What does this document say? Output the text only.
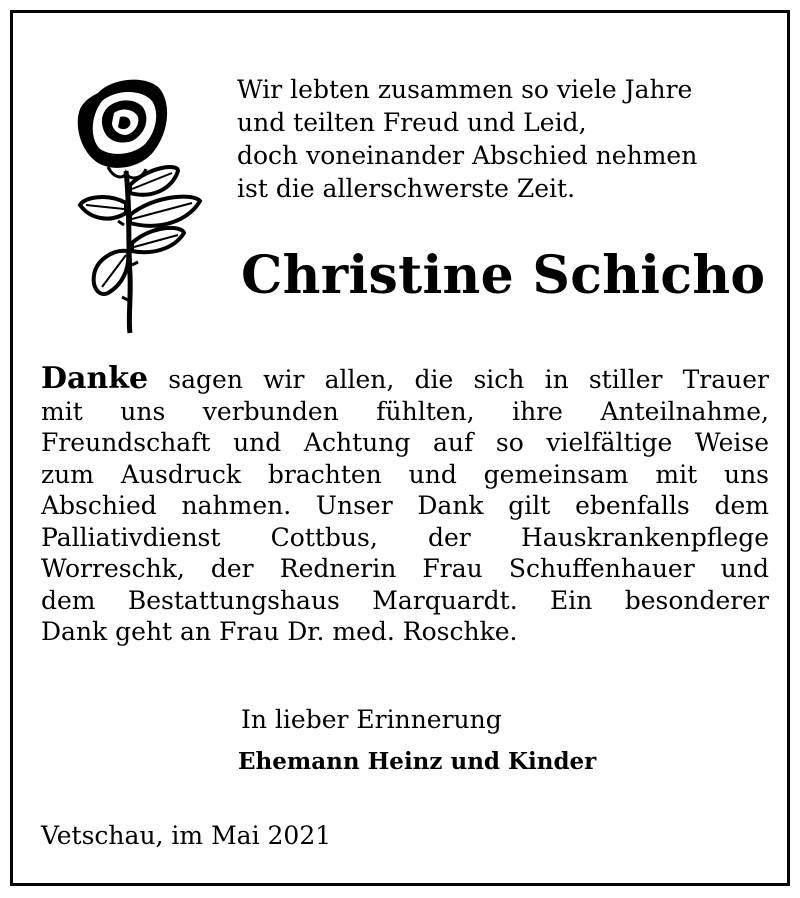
Wir lebten zusammen so viele Jahre
und teilten Freud und Leid,
doch voneinander Abschied nehmen
ist die allerschwerste Zeit.
Christine Schicho
Danke sagen wir allen, die sich in stiller Trauer
mit uns verbunden fühlten, ihre Anteilnahme,
Freundschaft und Achtung auf so vielfältige Weise
zum Ausdruck brachten und gemeinsam mit uns
Abschied nahmen. Unser Dank gilt ebenfalls dem
Palliativdienst Cottbus, der Hauskrankenpflege
Worreschk, der Rednerin Frau Schuffenhauer und
dem Bestattungshaus Marquardt. Ein besonderer
Dank geht an Frau Dr. med. Roschke.
In lieber Erinnerung
Ehemann Heinz und Kinder
Vetschau, im Mai 2021
